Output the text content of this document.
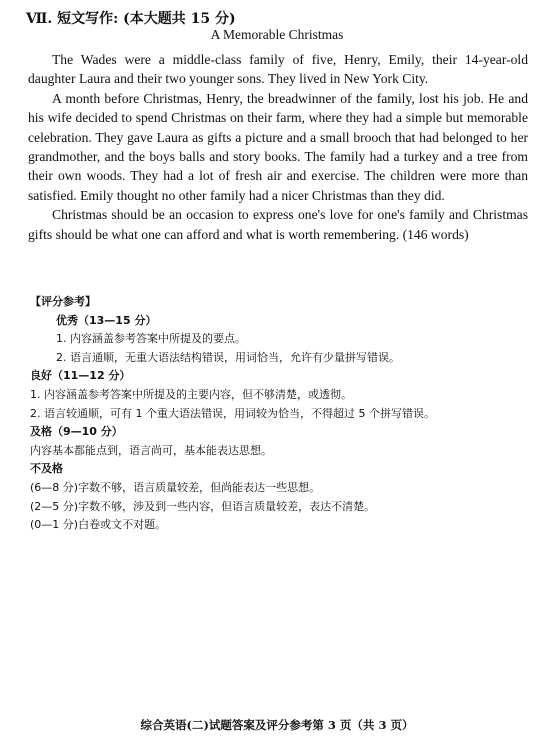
Ⅶ. 短文写作: (本大题共 15 分)
A Memorable Christmas

The Wades were a middle-class family of five, Henry, Emily, their 14-year-old daughter Laura and their two younger sons. They lived in New York City.

A month before Christmas, Henry, the breadwinner of the family, lost his job. He and his wife decided to spend Christmas on their farm, where they had a simple but memorable celebration. They gave Laura as gifts a picture and a small brooch that had belonged to her grandmother, and the boys balls and story books. The family had a turkey and a tree from their own woods. They had a lot of fresh air and exercise. The children were more than satisfied. Emily thought no other family had a nicer Christmas than they did.

Christmas should be an occasion to express one's love for one's family and Christmas gifts should be what one can afford and what is worth remembering. (146 words)

【评分参考】
优秀（13—15 分）
1. 内容涵盖参考答案中所提及的要点。
2. 语言通顺，无重大语法结构错误，用词恰当，允许有少量拼写错误。
良好（11—12 分）
1. 内容涵盖参考答案中所提及的主要内容，但不够清楚，或透彻。
2. 语言较通顺，可有 1 个重大语法错误，用词较为恰当，不得超过 5 个拼写错误。
及格（9—10 分）
内容基本都能点到，语言尚可，基本能表达思想。
不及格
(6—8 分)字数不够，语言质量较差，但尚能表达一些思想。
(2—5 分)字数不够，涉及到一些内容，但语言质量较差，表达不清楚。
(0—1 分)白卷或文不对题。
综合英语(二)试题答案及评分参考第 3 页（共 3 页）
